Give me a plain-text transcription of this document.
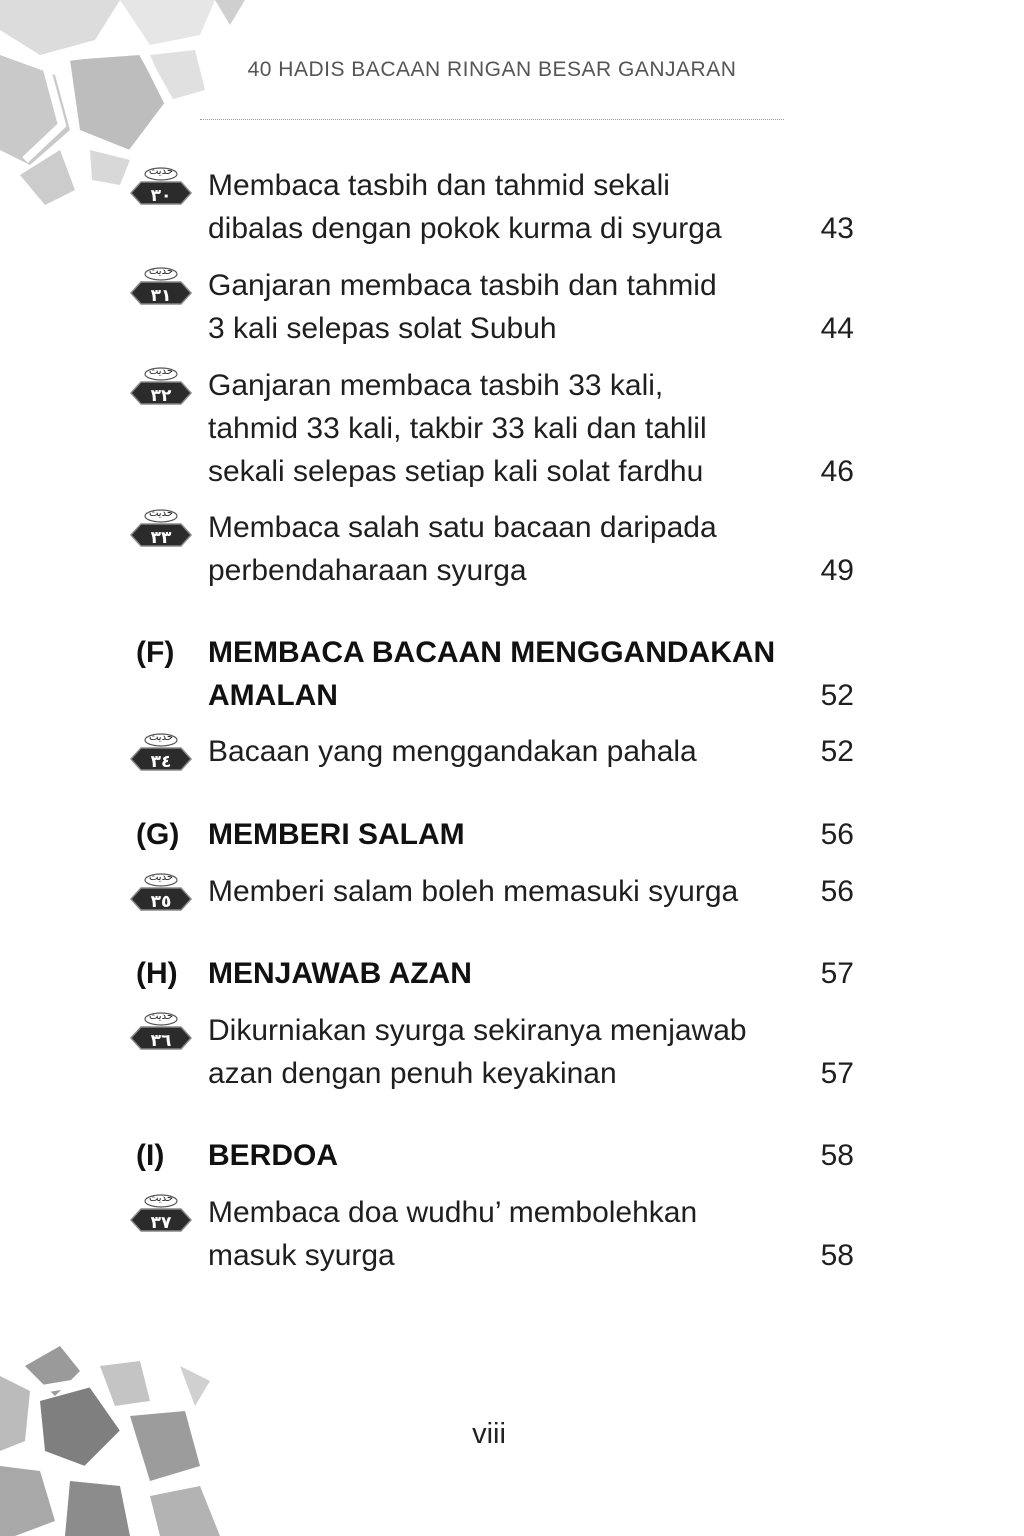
40 HADIS BACAAN RINGAN BESAR GANJARAN
حديث
٣٠	Membaca tasbih dan tahmid sekali
dibalas dengan pokok kurma di syurga	43
حديث
٣١	Ganjaran membaca tasbih dan tahmid
3 kali selepas solat Subuh	44
حديث
٣٢	Ganjaran membaca tasbih 33 kali,
tahmid 33 kali, takbir 33 kali dan tahlil
sekali selepas setiap kali solat fardhu	46
حديث
٣٣	Membaca salah satu bacaan daripada
perbendaharaan syurga	49
(F) MEMBACA BACAAN MENGGANDAKAN
AMALAN	52
حديث
٣٤	Bacaan yang menggandakan pahala	52
(G) MEMBERI SALAM	56
حديث
٣٥	Memberi salam boleh memasuki syurga	56
(H) MENJAWAB AZAN	57
حديث
٣٦	Dikurniakan syurga sekiranya menjawab
azan dengan penuh keyakinan	57
(I) BERDOA	58
حديث
٣٧	Membaca doa wudhu’ membolehkan
masuk syurga	58
viii
